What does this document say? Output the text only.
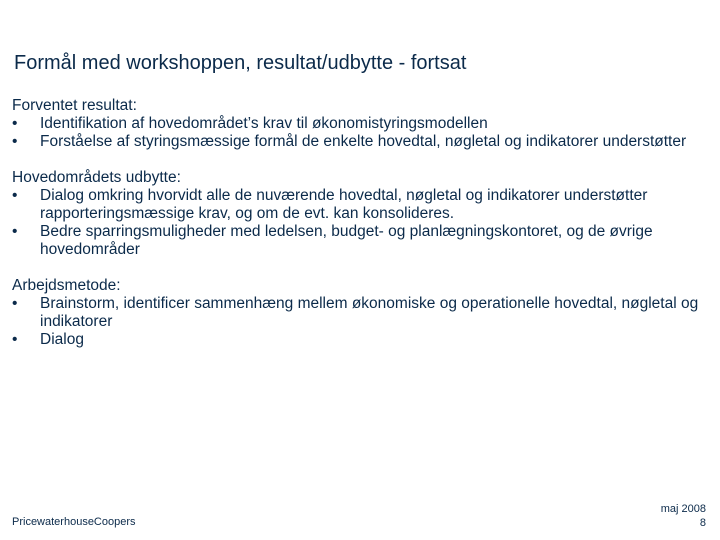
Formål med workshoppen, resultat/udbytte - fortsat
Forventet resultat:
•	Identifikation af hovedområdet’s krav til økonomistyringsmodellen
•	Forståelse af styringsmæssige formål de enkelte hovedtal, nøgletal og indikatorer understøtter
Hovedområdets udbytte:
•	Dialog omkring hvorvidt alle de nuværende hovedtal, nøgletal og indikatorer understøtter rapporteringsmæssige krav, og om de evt. kan konsolideres.
•	Bedre sparringsmuligheder med ledelsen, budget- og planlægningskontoret, og de øvrige hovedområder
Arbejdsmetode:
•	Brainstorm, identificer sammenhæng mellem økonomiske og operationelle hovedtal, nøgletal og indikatorer
•	Dialog
PricewaterhouseCoopers
maj 2008
8
